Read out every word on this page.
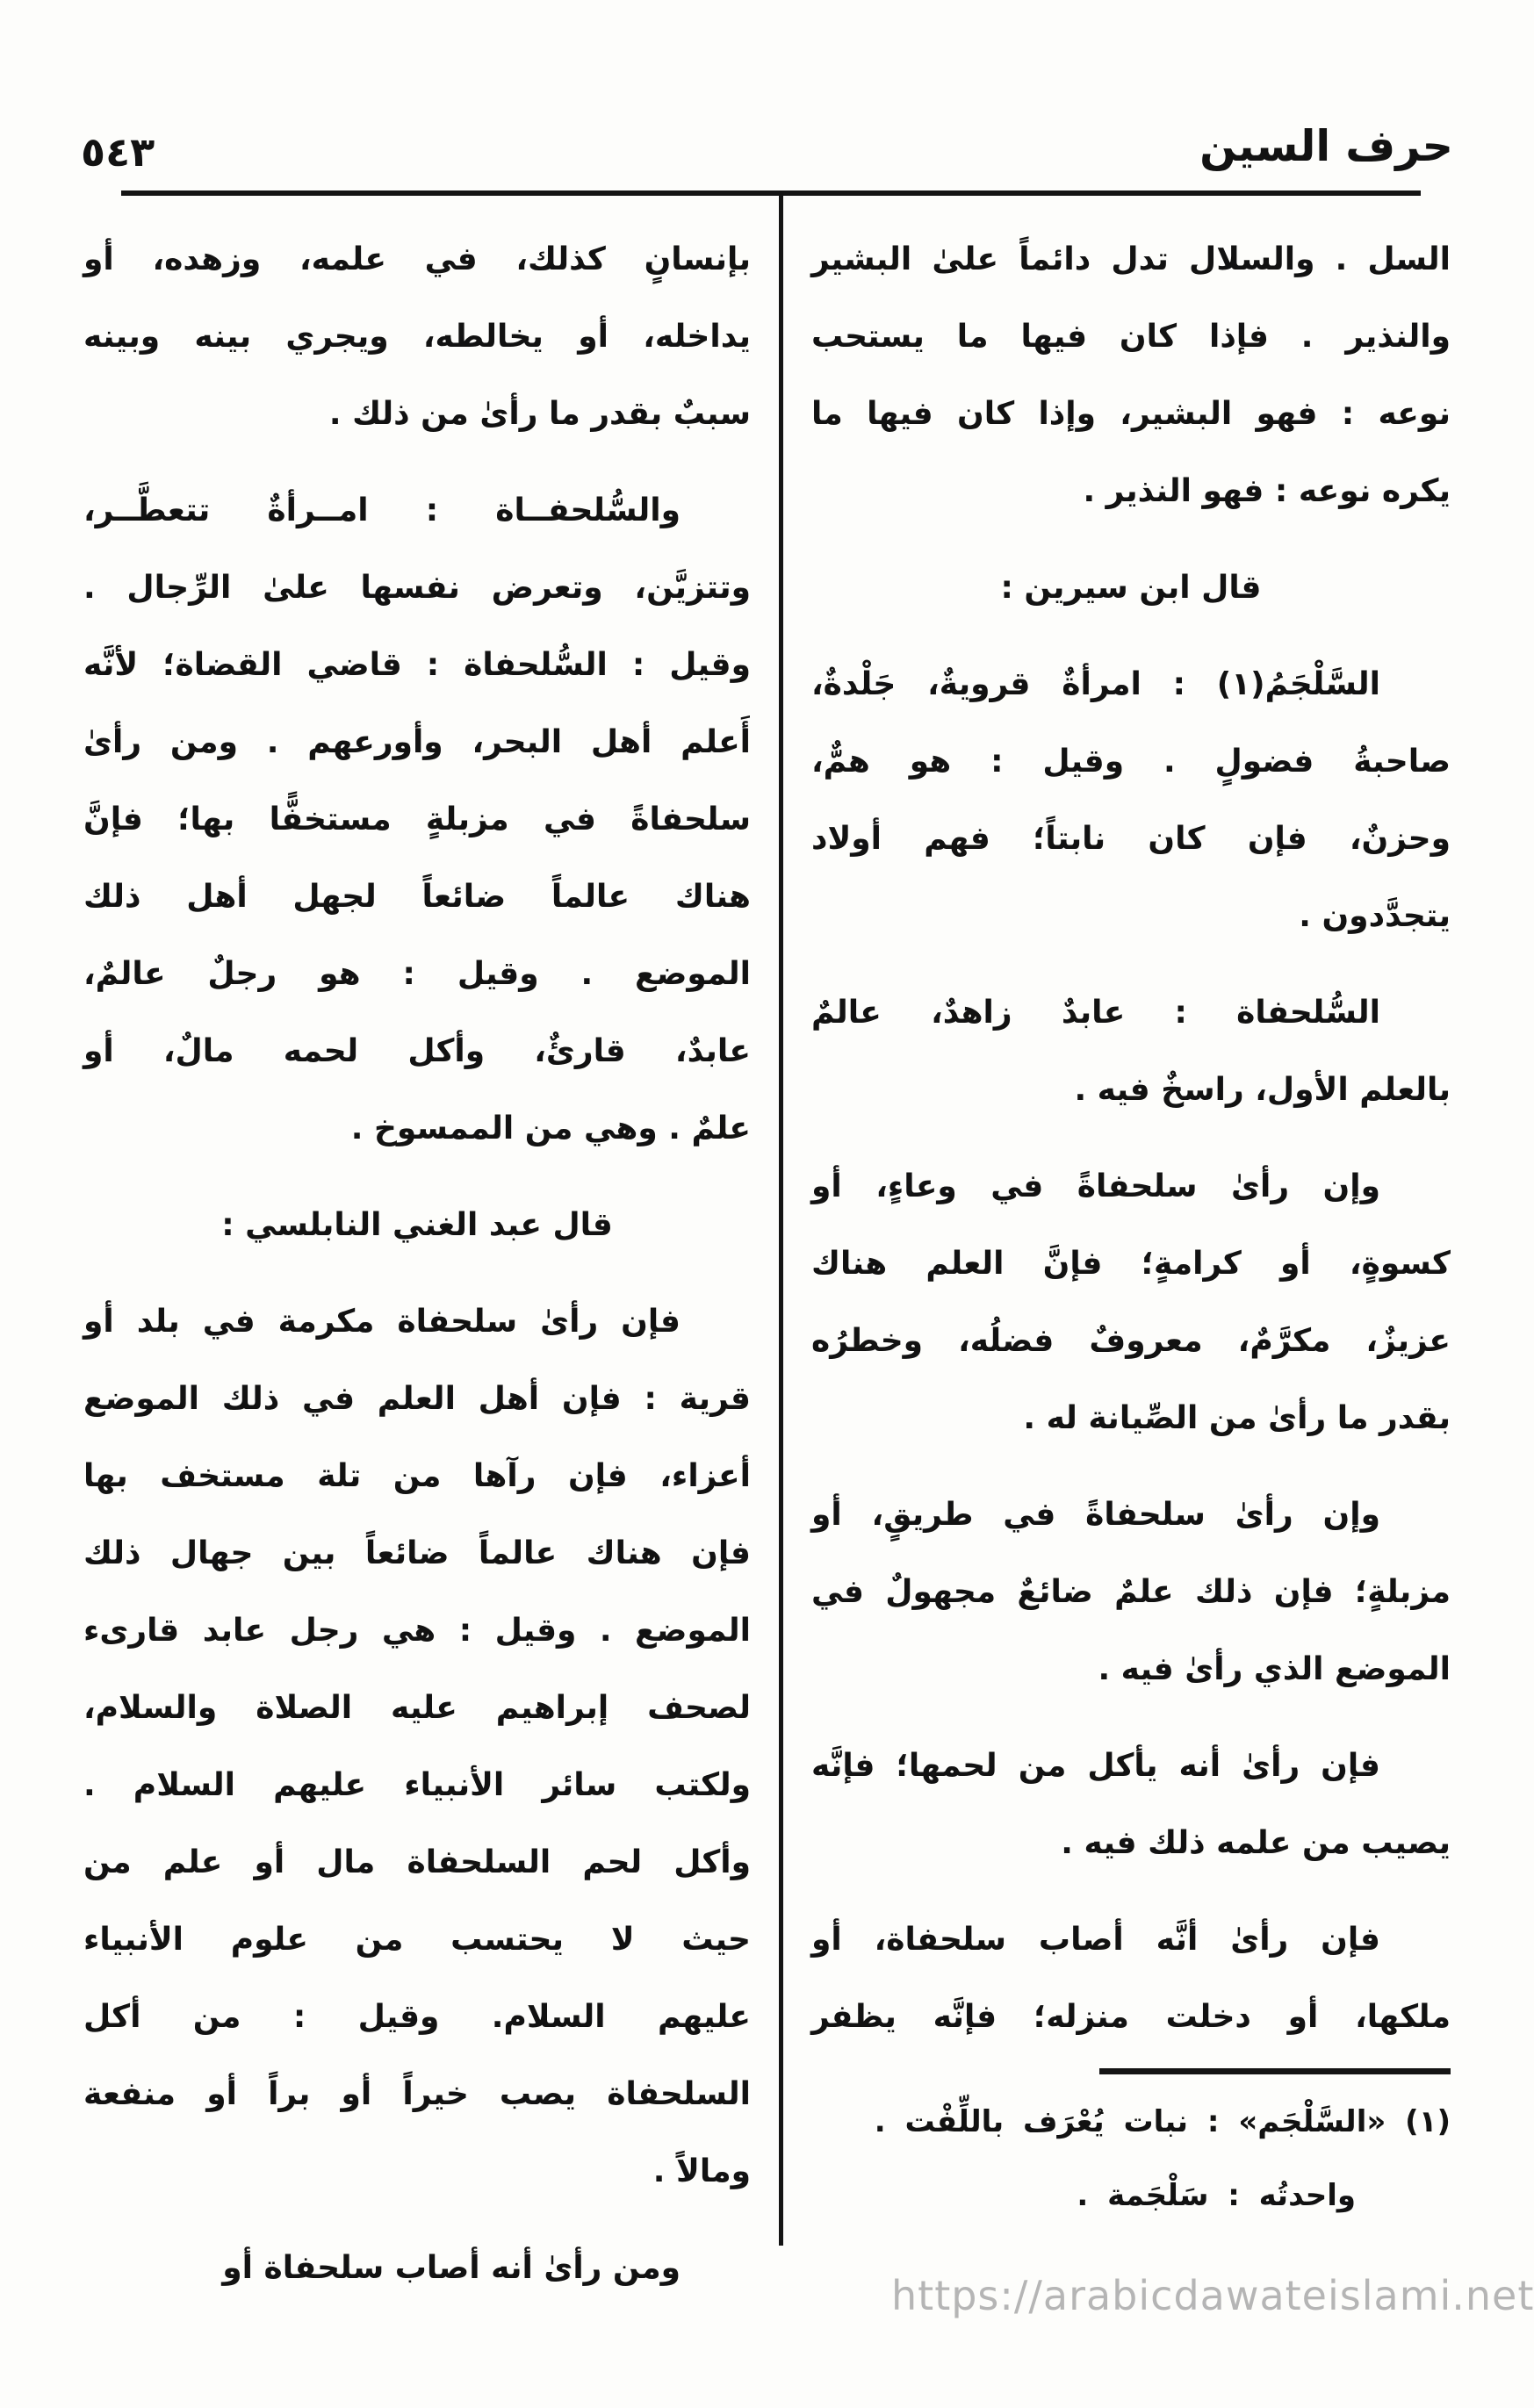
٥٤٣	حرف السين
السل . والسلال تدل دائماً علىٰ البشير
والنذير . فإذا كان فيها ما يستحب
نوعه : فهو البشير، وإذا كان فيها ما
يكره نوعه : فهو النذير .
قال ابن سيرين :
السَّلْجَمُ(١) : امرأةٌ قرويةٌ، جَلْدةٌ،
صاحبةُ فضولٍ . وقيل : هو همٌّ،
وحزنٌ، فإن كان نابتاً؛ فهم أولاد
يتجدَّدون .
السُّلحفاة : عابدٌ زاهدٌ، عالمٌ
بالعلم الأول، راسخٌ فيه .
وإن رأىٰ سلحفاةً في وعاءٍ، أو
كسوةٍ، أو كرامةٍ؛ فإنَّ العلم هناك
عزيزٌ، مكرَّمٌ، معروفٌ فضلُه، وخطرُه
بقدر ما رأىٰ من الصِّيانة له .
وإن رأىٰ سلحفاةً في طريقٍ، أو
مزبلةٍ؛ فإن ذلك علمٌ ضائعٌ مجهولٌ في
الموضع الذي رأىٰ فيه .
فإن رأىٰ أنه يأكل من لحمها؛ فإنَّه
يصيب من علمه ذلك فيه .
فإن رأىٰ أنَّه أصاب سلحفاة، أو
ملكها، أو دخلت منزله؛ فإنَّه يظفر
بإنسانٍ كذلك، في علمه، وزهده، أو
يداخله، أو يخالطه، ويجري بينه وبينه
سببٌ بقدر ما رأىٰ من ذلك .
والسُّلحفــاة : امــرأةٌ تتعطَّــر،
وتتزيَّن، وتعرض نفسها علىٰ الرِّجال .
وقيل : السُّلحفاة : قاضي القضاة؛ لأنَّه
أَعلم أهل البحر، وأورعهم . ومن رأىٰ
سلحفاةً في مزبلةٍ مستخفًّا بها؛ فإنَّ
هناك عالماً ضائعاً لجهل أهل ذلك
الموضع . وقيل : هو رجلٌ عالمٌ،
عابدٌ، قارئٌ، وأكل لحمه مالٌ، أو
علمٌ . وهي من الممسوخ .
قال عبد الغني النابلسي :
فإن رأىٰ سلحفاة مكرمة في بلد أو
قرية : فإن أهل العلم في ذلك الموضع
أعزاء، فإن رآها من تلة مستخف بها
فإن هناك عالماً ضائعاً بين جهال ذلك
الموضع . وقيل : هي رجل عابد قارىء
لصحف إبراهيم عليه الصلاة والسلام،
ولكتب سائر الأنبياء عليهم السلام .
وأكل لحم السلحفاة مال أو علم من
حيث لا يحتسب من علوم الأنبياء
عليهم السلام. وقيل : من أكل
السلحفاة يصب خيراً أو براً أو منفعة
ومالاً .
ومن رأىٰ أنه أصاب سلحفاة أو
(١) «السَّلْجَم» : نبات يُعْرَف باللِّفْت .
واحدتُه : سَلْجَمة .
https://arabicdawateislami.net
